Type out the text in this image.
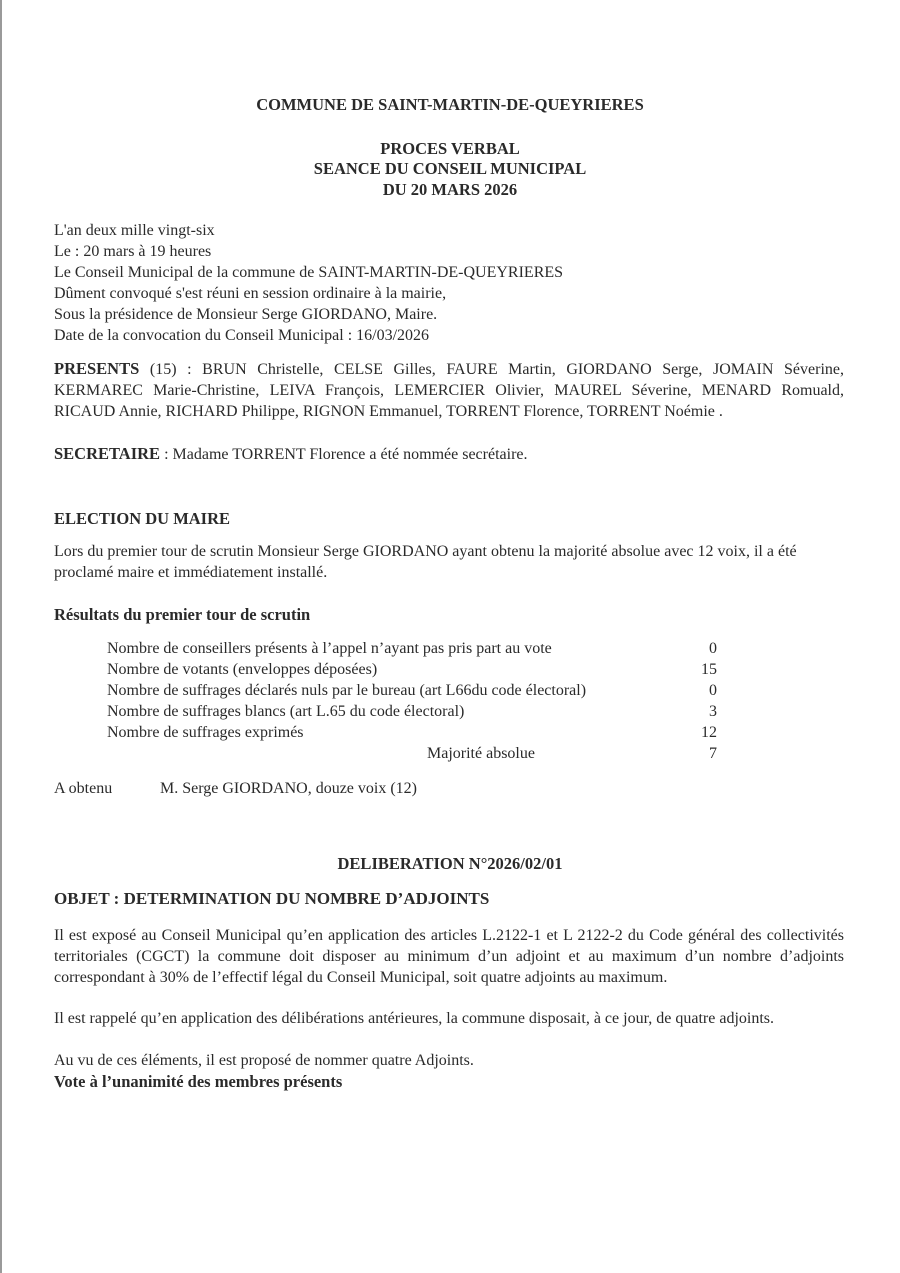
COMMUNE DE SAINT-MARTIN-DE-QUEYRIERES
PROCES VERBAL
SEANCE DU CONSEIL MUNICIPAL
DU 20 MARS 2026
L'an deux mille vingt-six
Le : 20 mars à 19 heures
Le Conseil Municipal de la commune de SAINT-MARTIN-DE-QUEYRIERES
Dûment convoqué s'est réuni en session ordinaire à la mairie,
Sous la présidence de Monsieur Serge GIORDANO, Maire.
Date de la convocation du Conseil Municipal : 16/03/2026
PRESENTS (15) : BRUN Christelle, CELSE Gilles, FAURE Martin, GIORDANO Serge, JOMAIN Séverine, KERMAREC Marie-Christine, LEIVA François, LEMERCIER Olivier, MAUREL Séverine, MENARD Romuald, RICAUD Annie, RICHARD Philippe, RIGNON Emmanuel, TORRENT Florence, TORRENT Noémie .
SECRETAIRE : Madame TORRENT Florence a été nommée secrétaire.
ELECTION DU MAIRE
Lors du premier tour de scrutin Monsieur Serge GIORDANO ayant obtenu la majorité absolue avec 12 voix, il a été proclamé maire et immédiatement installé.
Résultats du premier tour de scrutin
Nombre de conseillers présents à l’appel n’ayant pas pris part au vote	0
Nombre de votants (enveloppes déposées)	15
Nombre de suffrages déclarés nuls par le bureau (art L66du code électoral)	0
Nombre de suffrages blancs (art L.65 du code électoral)	3
Nombre de suffrages exprimés	12
Majorité absolue	7
A obtenu	M. Serge GIORDANO, douze voix (12)
DELIBERATION N°2026/02/01
OBJET : DETERMINATION DU NOMBRE D’ADJOINTS
Il est exposé au Conseil Municipal qu’en application des articles L.2122-1 et L 2122-2 du Code général des collectivités territoriales (CGCT) la commune doit disposer au minimum d’un adjoint et au maximum d’un nombre d’adjoints correspondant à 30% de l’effectif légal du Conseil Municipal, soit quatre adjoints au maximum.
Il est rappelé qu’en application des délibérations antérieures, la commune disposait, à ce jour, de quatre adjoints.
Au vu de ces éléments, il est proposé de nommer quatre Adjoints.
Vote à l’unanimité des membres présents
